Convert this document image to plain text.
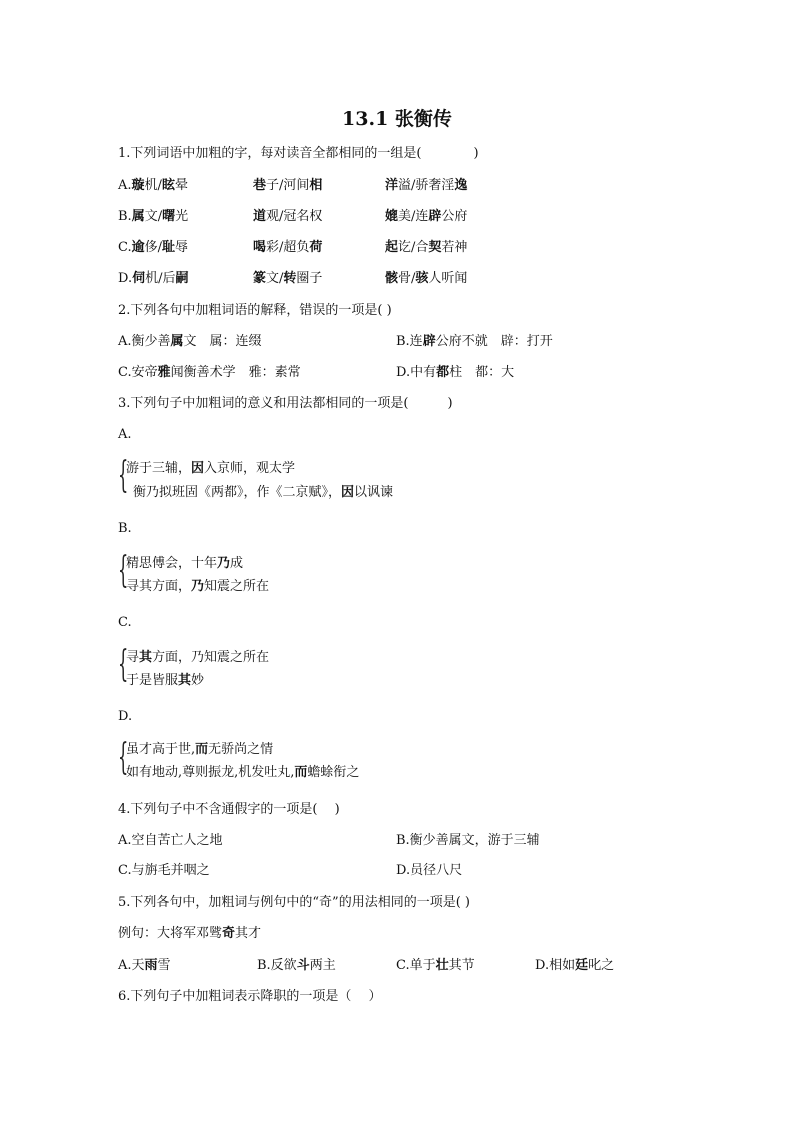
13.1 张衡传
1.下列词语中加粗的字，每对读音全都相同的一组是(　　　　)
A.璇机/眩晕	巷子/河间相	洋溢/骄奢淫逸
B.属文/曙光	道观/冠名权	媲美/连辟公府
C.逾侈/耻辱	喝彩/超负荷	起讫/合契若神
D.伺机/后嗣	篆文/转圈子	骸骨/骇人听闻
2.下列各句中加粗词语的解释，错误的一项是( )
A.衡少善属文　属：连缀	B.连辟公府不就　辟：打开
C.安帝雅闻衡善术学　雅：素常	D.中有都柱　都：大
3.下列句子中加粗词的意义和用法都相同的一项是(　　　)
A.
{
游于三辅，因入京师，观太学
衡乃拟班固《两都》，作《二京赋》，因以讽谏
B.
{
精思傅会，十年乃成
寻其方面，乃知震之所在
C.
{
寻其方面，乃知震之所在
于是皆服其妙
D.
{
虽才高于世,而无骄尚之情
如有地动,尊则振龙,机发吐丸,而蟾蜍衔之
4.下列句子中不含通假字的一项是(　 )
A.空自苦亡人之地	B.衡少善属文，游于三辅
C.与旃毛并咽之	D.员径八尺
5.下列各句中，加粗词与例句中的“奇”的用法相同的一项是( )
例句：大将军邓骘奇其才
A.天雨雪	B.反欲斗两主	C.单于壮其节	D.相如廷叱之
6.下列句子中加粗词表示降职的一项是（　 ）
